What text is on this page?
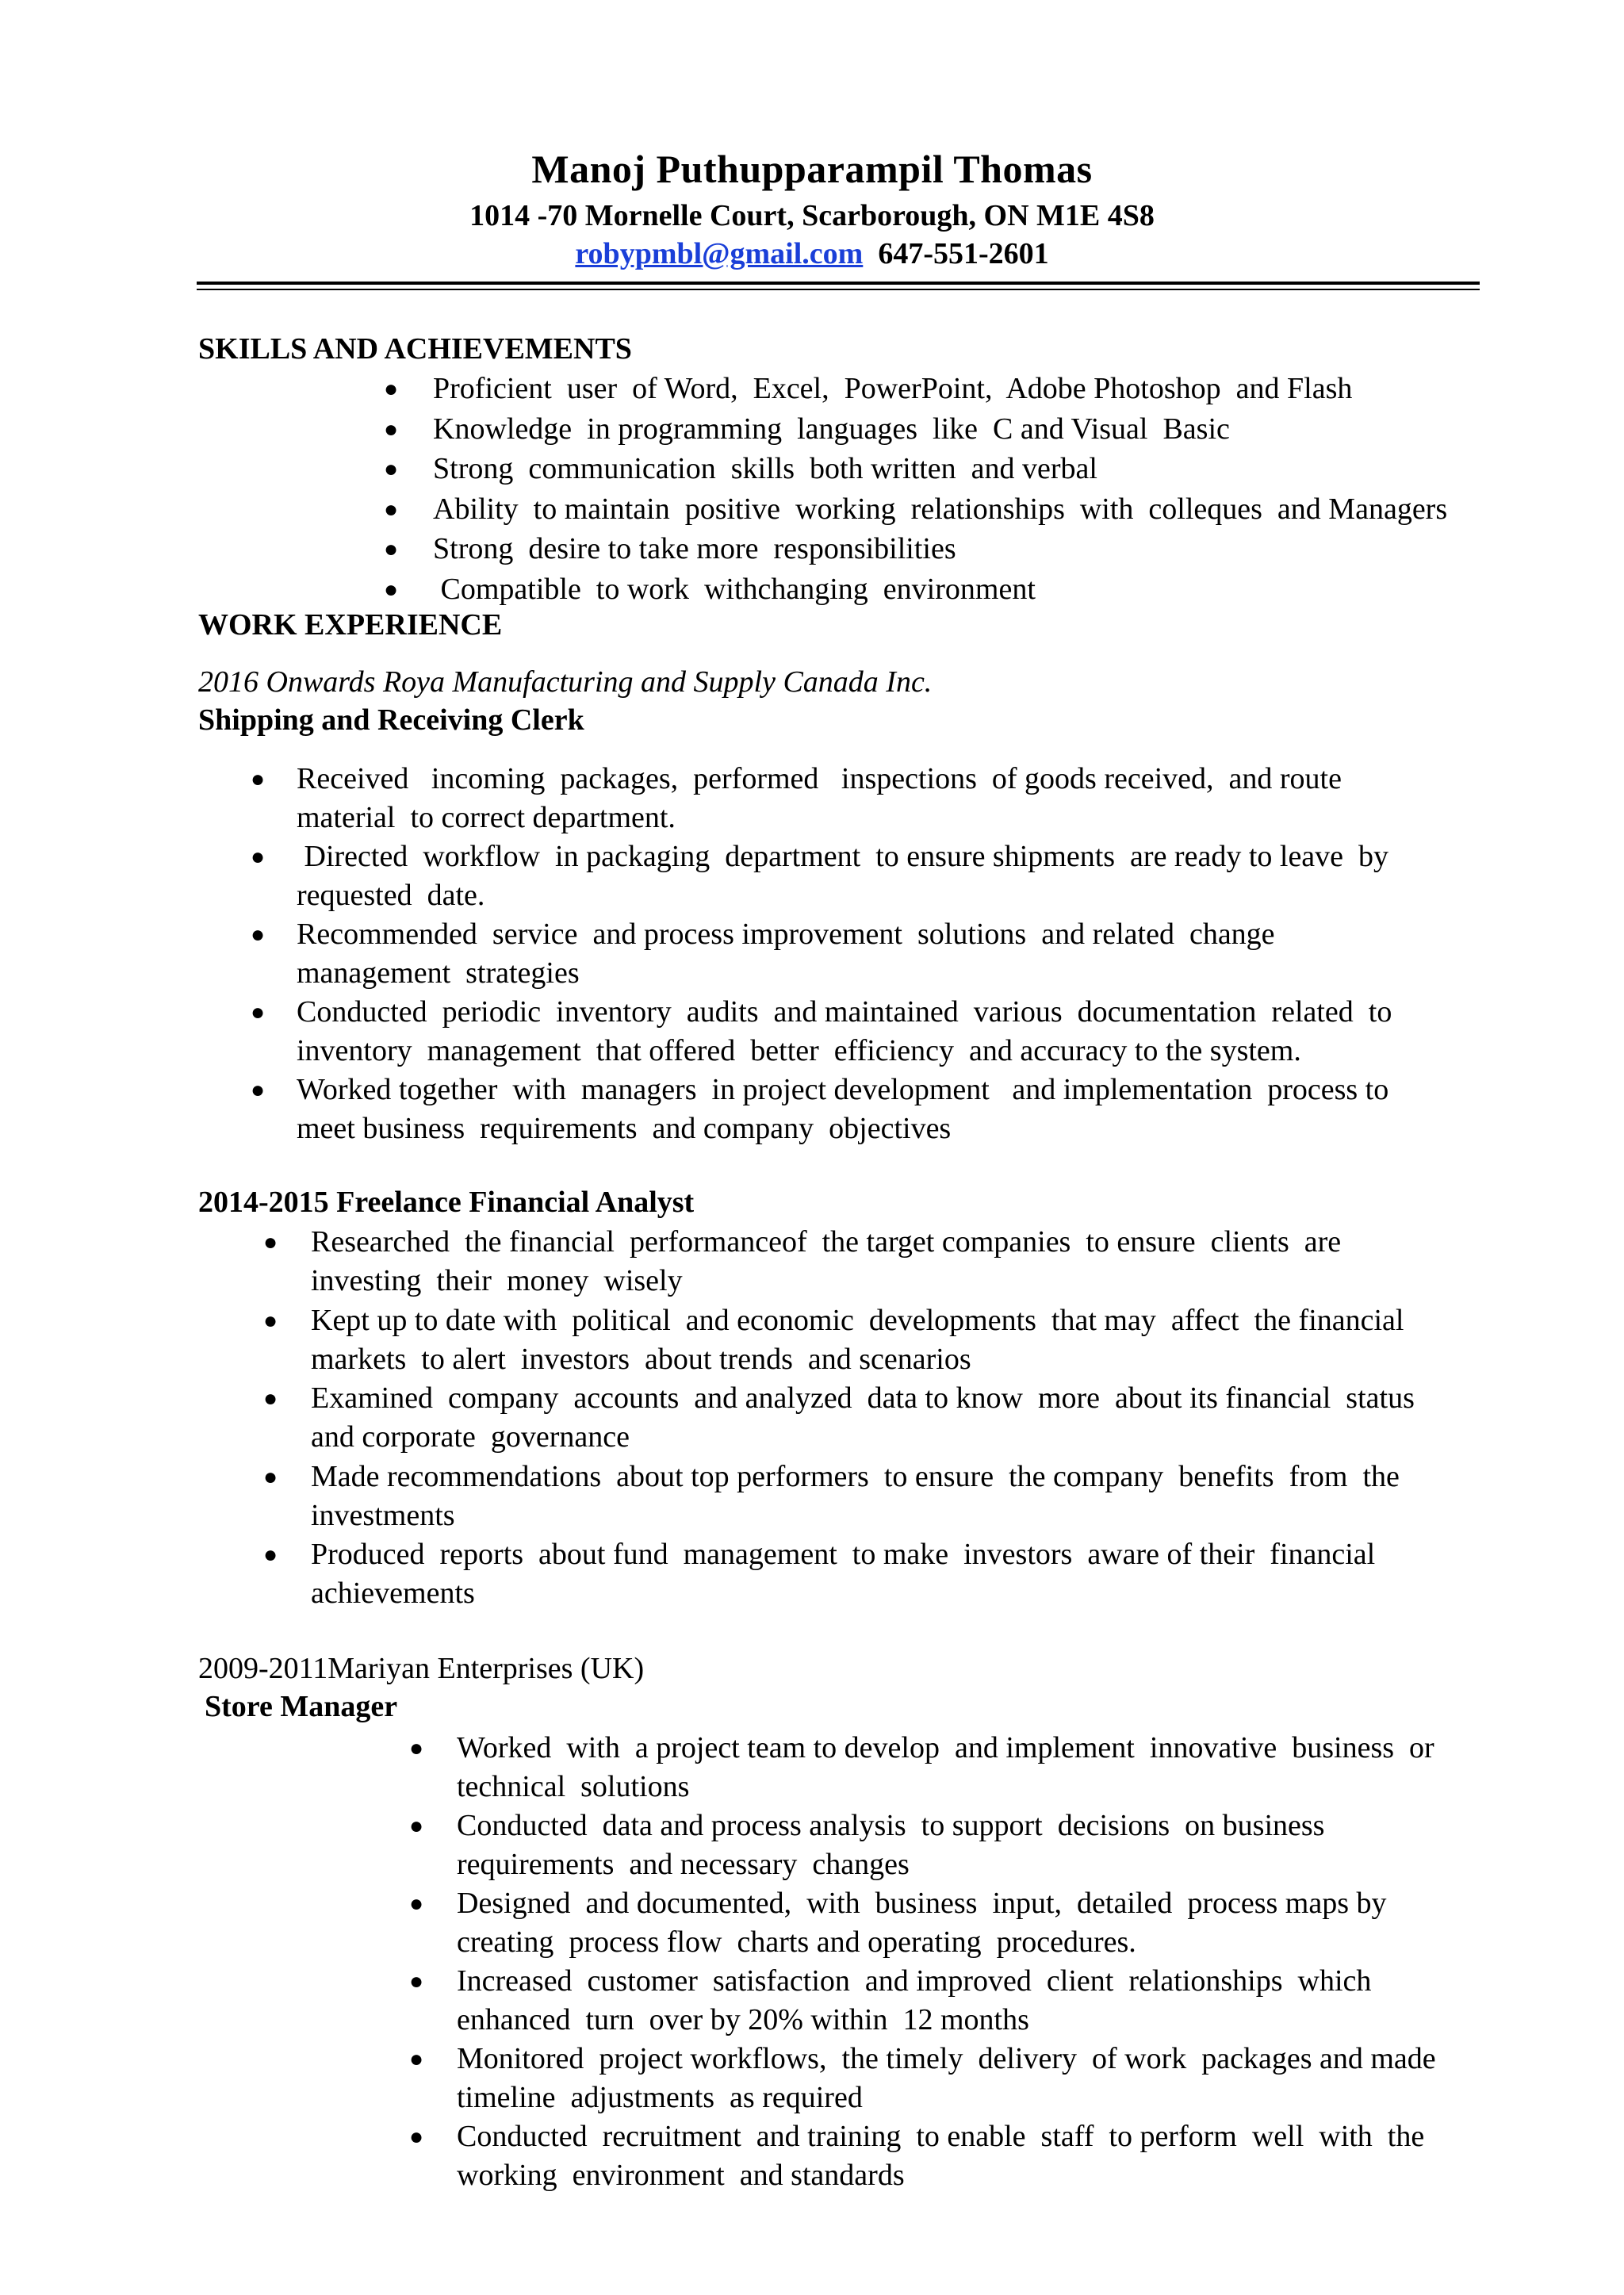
Manoj Puthupparampil Thomas
1014 -70 Mornelle Court, Scarborough, ON M1E 4S8
robypmbl@gmail.com 647-551-2601
SKILLS AND ACHIEVEMENTS
● Proficient  user  of Word,  Excel,  PowerPoint,  Adobe Photoshop  and Flash
● Knowledge  in programming  languages  like  C and Visual  Basic
● Strong  communication  skills  both written  and verbal
● Ability  to maintain  positive  working  relationships  with  colleques  and Managers
● Strong  desire to take more  responsibilities
● Compatible  to work  withchanging  environment
WORK EXPERIENCE
2016 Onwards Roya Manufacturing and Supply Canada Inc.
Shipping and Receiving Clerk
● Received   incoming  packages,  performed   inspections  of goods received,  and route
material  to correct department.
● Directed  workflow  in packaging  department  to ensure shipments  are ready to leave  by
requested  date.
● Recommended  service  and process improvement  solutions  and related  change
management  strategies
● Conducted  periodic  inventory  audits  and maintained  various  documentation  related  to
inventory  management  that offered  better  efficiency  and accuracy to the system.
● Worked together  with  managers  in project development   and implementation  process to
meet business  requirements  and company  objectives
2014-2015 Freelance Financial Analyst
● Researched  the financial  performanceof  the target companies  to ensure  clients  are
investing  their  money  wisely
● Kept up to date with  political  and economic  developments  that may  affect  the financial
markets  to alert  investors  about trends  and scenarios
● Examined  company  accounts  and analyzed  data to know  more  about its financial  status
and corporate  governance
● Made recommendations  about top performers  to ensure  the company  benefits  from  the
investments
● Produced  reports  about fund  management  to make  investors  aware of their  financial
achievements
2009-2011Mariyan Enterprises (UK)
Store Manager
● Worked  with  a project team to develop  and implement  innovative  business  or
technical  solutions
● Conducted  data and process analysis  to support  decisions  on business
requirements  and necessary  changes
● Designed  and documented,  with  business  input,  detailed  process maps by
creating  process flow  charts and operating  procedures.
● Increased  customer  satisfaction  and improved  client  relationships  which
enhanced  turn  over by 20% within  12 months
● Monitored  project workflows,  the timely  delivery  of work  packages and made
timeline  adjustments  as required
● Conducted  recruitment  and training  to enable  staff  to perform  well  with  the
working  environment  and standards
